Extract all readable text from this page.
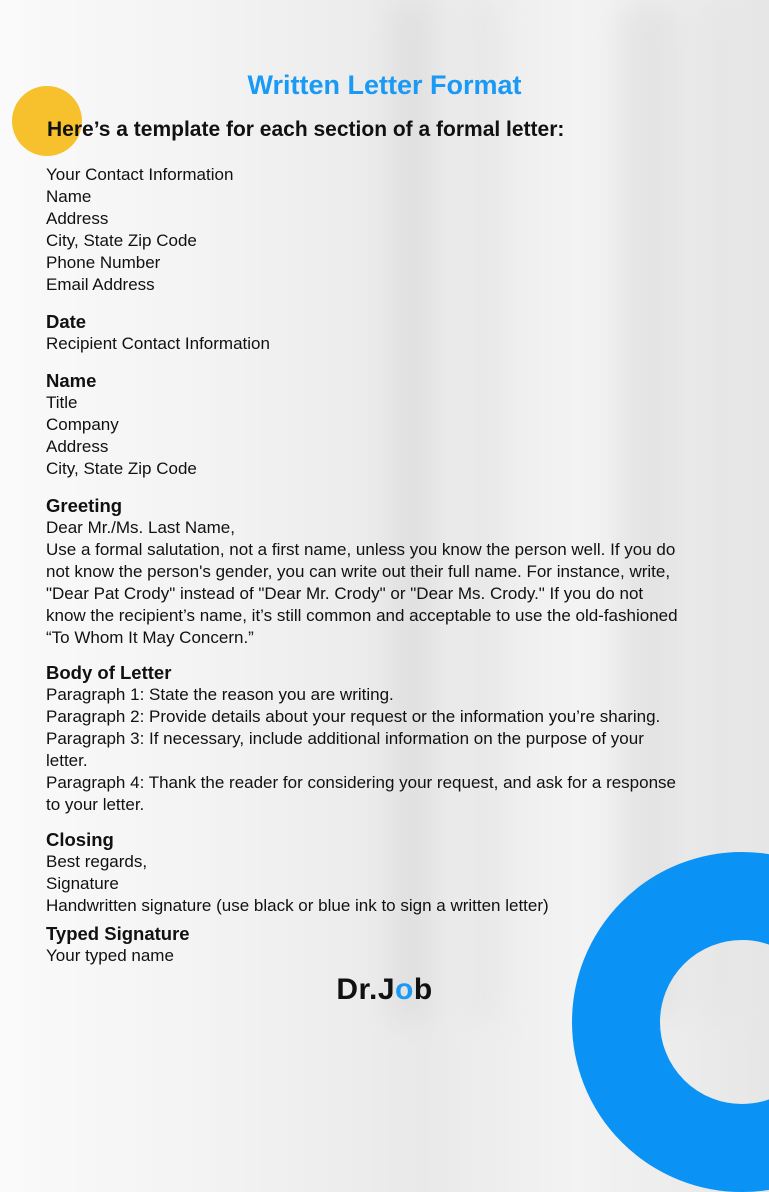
Written Letter Format
Here’s a template for each section of a formal letter:
Your Contact Information
Name
Address
City, State Zip Code
Phone Number
Email Address
Date
Recipient Contact Information
Name
Title
Company
Address
City, State Zip Code
Greeting
Dear Mr./Ms. Last Name,
Use a formal salutation, not a first name, unless you know the person well. If you do
not know the person's gender, you can write out their full name. For instance, write,
"Dear Pat Crody" instead of "Dear Mr. Crody" or "Dear Ms. Crody." If you do not
know the recipient’s name, it’s still common and acceptable to use the old-fashioned
“To Whom It May Concern.”
Body of Letter
Paragraph 1: State the reason you are writing.
Paragraph 2: Provide details about your request or the information you’re sharing.
Paragraph 3: If necessary, include additional information on the purpose of your
letter.
Paragraph 4: Thank the reader for considering your request, and ask for a response
to your letter.
Closing
Best regards,
Signature
Handwritten signature (use black or blue ink to sign a written letter)
Typed Signature
Your typed name
Dr.Job
